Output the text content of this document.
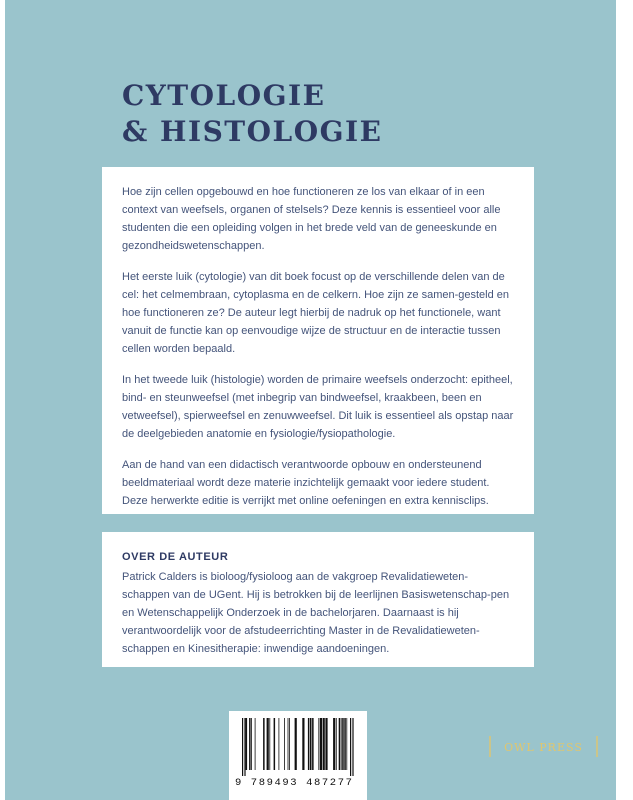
CYTOLOGIE
& HISTOLOGIE

Hoe zijn cellen opgebouwd en hoe functioneren ze los van elkaar of in een context van weefsels, organen of stelsels? Deze kennis is essentieel voor alle studenten die een opleiding volgen in het brede veld van de geneeskunde en gezondheidswetenschappen.

Het eerste luik (cytologie) van dit boek focust op de verschillende delen van de cel: het celmembraan, cytoplasma en de celkern. Hoe zijn ze samen-gesteld en hoe functioneren ze? De auteur legt hierbij de nadruk op het functionele, want vanuit de functie kan op eenvoudige wijze de structuur en de interactie tussen cellen worden bepaald.

In het tweede luik (histologie) worden de primaire weefsels onderzocht: epitheel, bind- en steunweefsel (met inbegrip van bindweefsel, kraakbeen, been en vetweefsel), spierweefsel en zenuwweefsel. Dit luik is essentieel als opstap naar de deelgebieden anatomie en fysiologie/fysiopathologie.

Aan de hand van een didactisch verantwoorde opbouw en ondersteunend beeldmateriaal wordt deze materie inzichtelijk gemaakt voor iedere student. Deze herwerkte editie is verrijkt met online oefeningen en extra kennisclips.

OVER DE AUTEUR

Patrick Calders is bioloog/fysioloog aan de vakgroep Revalidatieweten-schappen van de UGent. Hij is betrokken bij de leerlijnen Basiswetenschap-pen en Wetenschappelijk Onderzoek in de bachelorjaren. Daarnaast is hij verantwoordelijk voor de afstudeerrichting Master in de Revalidatieweten-schappen en Kinesitherapie: inwendige aandoeningen.

9 789493 487277
OWL PRESS
